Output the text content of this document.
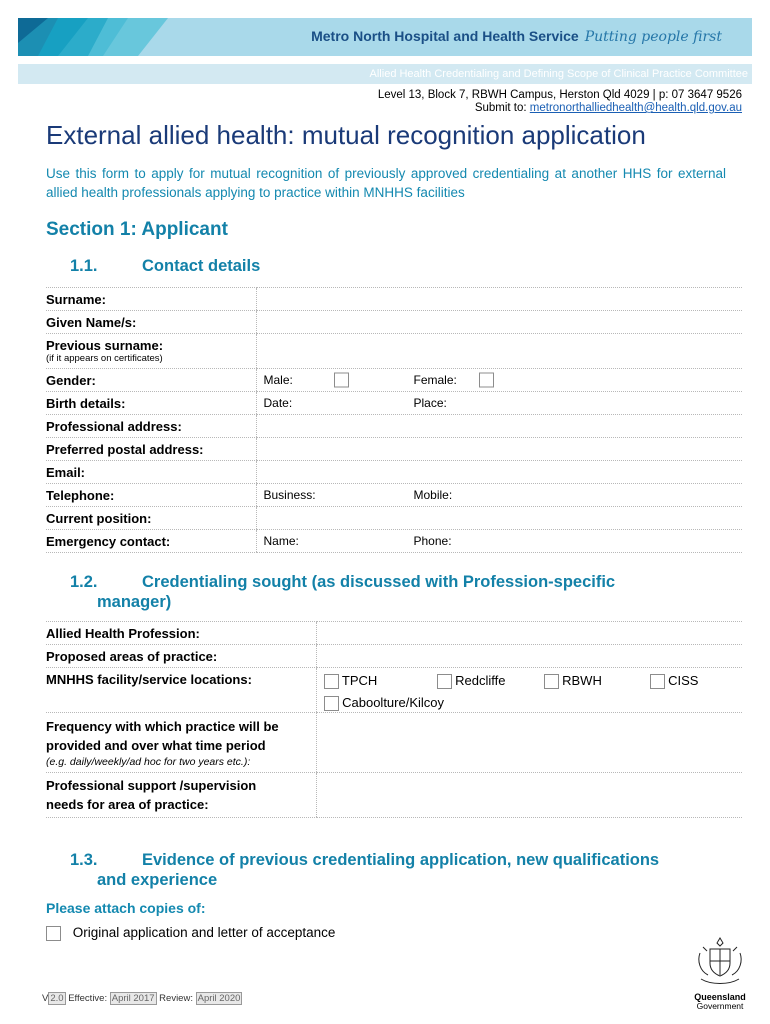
Metro North Hospital and Health Service Putting people first
Allied Health Credentialing and Defining Scope of Clinical Practice Committee
Level 13, Block 7, RBWH Campus, Herston Qld 4029 | p: 07 3647 9526
Submit to: metronorthalliedhealth@health.qld.gov.au
External allied health: mutual recognition application
Use this form to apply for mutual recognition of previously approved credentialing at another HHS for external allied health professionals applying to practice within MNHHS facilities
Section 1: Applicant
1.1.	Contact details
Surname:	
Given Name/s:	
Previous surname:
(if it appears on certificates)	

Gender:	Male: Female:

Birth details:	Date: Place:

Professional address:	
Preferred postal address:	
Email:	
Telephone:	Business: Mobile:

Current position:	
Emergency contact:	Name: Phone:
1.2.	Credentialing sought (as discussed with Profession-specific
manager)
Allied Health Profession:	
Proposed areas of practice:	
MNHHS facility/service locations:	TPCH Redcliffe RBWH CISS
Caboolture/Kilcoy

Frequency with which practice will be
provided and over what time period
(e.g. daily/weekly/ad hoc for two years etc.):	

Professional support /supervision
needs for area of practice:	

1.3.	Evidence of previous credentialing application, new qualifications
and experience
Please attach copies of:
Original application and letter of acceptance
V 2.0 Effective: April 2017 Review: April 2020	Queensland
Government
